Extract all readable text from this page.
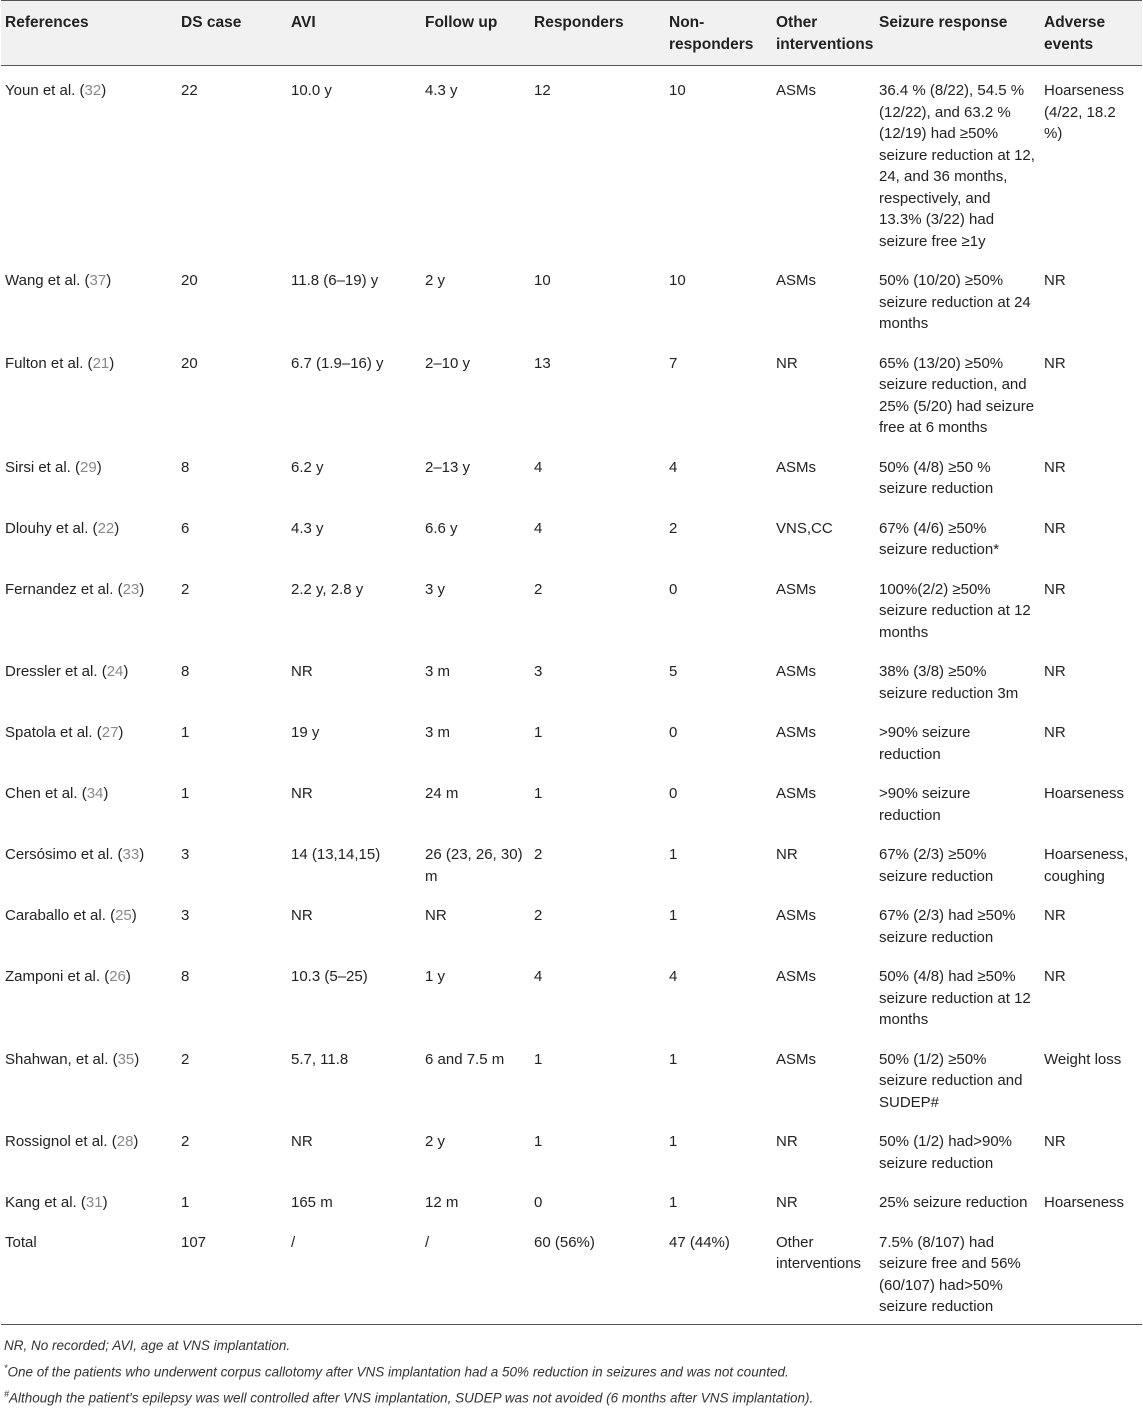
References	DS case	AVI	Follow up	Responders	Non-responders	Other interventions	Seizure response	Adverse events
Youn et al. (32)	22	10.0 y	4.3 y	12	10	ASMs	36.4 % (8/22), 54.5 % (12/22), and 63.2 % (12/19) had ≥50% seizure reduction at 12, 24, and 36 months, respectively, and 13.3% (3/22) had seizure free ≥1y	Hoarseness (4/22, 18.2 %)
Wang et al. (37)	20	11.8 (6–19) y	2 y	10	10	ASMs	50% (10/20) ≥50% seizure reduction at 24 months	NR
Fulton et al. (21)	20	6.7 (1.9–16) y	2–10 y	13	7	NR	65% (13/20) ≥50% seizure reduction, and 25% (5/20) had seizure free at 6 months	NR
Sirsi et al. (29)	8	6.2 y	2–13 y	4	4	ASMs	50% (4/8) ≥50 % seizure reduction	NR
Dlouhy et al. (22)	6	4.3 y	6.6 y	4	2	VNS,CC	67% (4/6) ≥50% seizure reduction*	NR
Fernandez et al. (23)	2	2.2 y, 2.8 y	3 y	2	0	ASMs	100%(2/2) ≥50% seizure reduction at 12 months	NR
Dressler et al. (24)	8	NR	3 m	3	5	ASMs	38% (3/8) ≥50% seizure reduction 3m	NR
Spatola et al. (27)	1	19 y	3 m	1	0	ASMs	>90% seizure reduction	NR
Chen et al. (34)	1	NR	24 m	1	0	ASMs	>90% seizure reduction	Hoarseness
Cersósimo et al. (33)	3	14 (13,14,15)	26 (23, 26, 30) m	2	1	NR	67% (2/3) ≥50% seizure reduction	Hoarseness, coughing
Caraballo et al. (25)	3	NR	NR	2	1	ASMs	67% (2/3) had ≥50% seizure reduction	NR
Zamponi et al. (26)	8	10.3 (5–25)	1 y	4	4	ASMs	50% (4/8) had ≥50% seizure reduction at 12 months	NR
Shahwan, et al. (35)	2	5.7, 11.8	6 and 7.5 m	1	1	ASMs	50% (1/2) ≥50% seizure reduction and SUDEP#	Weight loss
Rossignol et al. (28)	2	NR	2 y	1	1	NR	50% (1/2) had>90% seizure reduction	NR
Kang et al. (31)	1	165 m	12 m	0	1	NR	25% seizure reduction	Hoarseness
Total	107	/	/	60 (56%)	47 (44%)	Other interventions	7.5% (8/107) had seizure free and 56%(60/107) had>50% seizure reduction	
NR, No recorded; AVI, age at VNS implantation.
*One of the patients who underwent corpus callotomy after VNS implantation had a 50% reduction in seizures and was not counted.
#Although the patient's epilepsy was well controlled after VNS implantation, SUDEP was not avoided (6 months after VNS implantation).
